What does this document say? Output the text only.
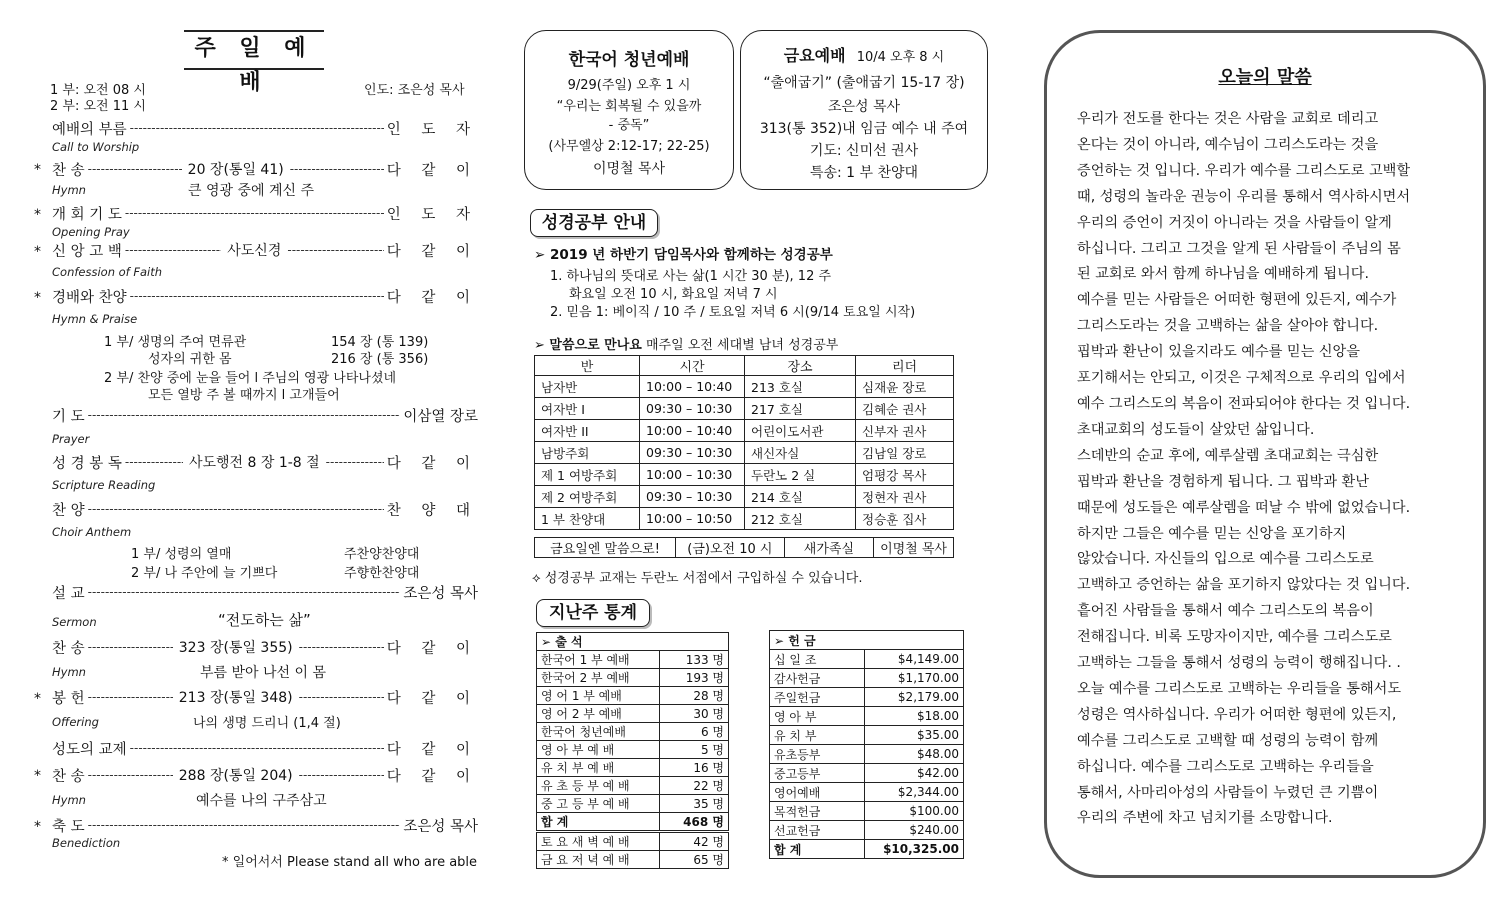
주 일 예 배
1 부: 오전 08 시
2 부: 오전 11 시
인도: 조은성 목사
예배의 부름 -----	인 도 자
Call to Worship
* 찬 송 -----	20 장(통일 41) -----	다 같 이
Hymn	큰 영광 중에 계신 주
* 개 회 기 도 -----	인 도 자
Opening Pray
* 신 앙 고 백 -----	사도신경 -----	다 같 이
Confession of Faith
* 경배와 찬양 -----	다 같 이
Hymn & Praise
1 부/ 생명의 주여 면류관	154 장 (통 139)
성자의 귀한 몸	216 장 (통 356)
2 부/ 찬양 중에 눈을 들어 l 주님의 영광 나타나셨네
모든 열방 주 볼 때까지 l 고개들어
기 도 -----	이삼열 장로
Prayer
성 경 봉 독 -----	사도행전 8 장 1-8 절 -----	다 같 이
Scripture Reading
찬 양 -----	찬 양 대
Choir Anthem
1 부/ 성령의 열매	주찬양찬양대
2 부/ 나 주안에 늘 기쁘다	주향한찬양대
설 교 -----	조은성 목사
Sermon	“전도하는 삶”
찬 송 -----	323 장(통일 355) -----	다 같 이
Hymn	부름 받아 나선 이 몸
* 봉 헌 -----	213 장(통일 348) -----	다 같 이
Offering	나의 생명 드리니 (1,4 절)
성도의 교제 -----	다 같 이
* 찬 송 -----	288 장(통일 204) -----	다 같 이
Hymn	예수를 나의 구주삼고
* 축 도 -----	조은성 목사
Benediction
* 일어서서 Please stand all who are able
한국어 청년예배
9/29(주일) 오후 1 시
“우리는 회복될 수 있을까
- 중독”
(사무엘상 2:12-17; 22-25)
이명철 목사
금요예배 10/4 오후 8 시
“출애굽기” (출애굽기 15-17 장)
조은성 목사
313(통 352)내 임금 예수 내 주여
기도: 신미선 권사
특송: 1 부 찬양대
성경공부 안내
➢ 2019 년 하반기 담임목사와 함께하는 성경공부
1. 하나님의 뜻대로 사는 삶(1 시간 30 분), 12 주
화요일 오전 10 시, 화요일 저녁 7 시
2. 믿음 1: 베이직 / 10 주 / 토요일 저녁 6 시(9/14 토요일 시작)
➢ 말씀으로 만나요 매주일 오전 세대별 남녀 성경공부
반	시간	장소	리더
남자반	10:00 – 10:40	213 호실	심재윤 장로
여자반 I	09:30 – 10:30	217 호실	김혜순 권사
여자반 II	10:00 – 10:40	어린이도서관	신부자 권사
남방주회	09:30 – 10:30	새신자실	김남일 장로
제 1 여방주회	10:00 – 10:30	두란노 2 실	엄평강 목사
제 2 여방주회	09:30 – 10:30	214 호실	정현자 권사
1 부 찬양대	10:00 – 10:50	212 호실	정승훈 집사
금요일엔 말씀으로!	(금)오전 10 시	새가족실	이명철 목사
⟡ 성경공부 교재는 두란노 서점에서 구입하실 수 있습니다.
지난주 통계
➢ 출 석	
한국어 1 부 예배	133 명
한국어 2 부 예배	193 명
영 어 1 부 예배	28 명
영 어 2 부 예배	30 명
한국어 청년예배	6 명
영 아 부 예 배	5 명
유 치 부 예 배	16 명
유 초 등 부 예 배	22 명
중 고 등 부 예 배	35 명
합 계	468 명
토 요 새 벽 예 배	42 명
금 요 저 녁 예 배	65 명
➢ 헌 금	
십 일 조	$4,149.00
감사헌금	$1,170.00
주일헌금	$2,179.00
영 아 부	$18.00
유 치 부	$35.00
유초등부	$48.00
중고등부	$42.00
영어예배	$2,344.00
목적헌금	$100.00
선교헌금	$240.00
합 계	$10,325.00
오늘의 말씀
우리가 전도를 한다는 것은 사람을 교회로 데리고
온다는 것이 아니라, 예수님이 그리스도라는 것을
증언하는 것 입니다. 우리가 예수를 그리스도로 고백할
때, 성령의 놀라운 권능이 우리를 통해서 역사하시면서
우리의 증언이 거짓이 아니라는 것을 사람들이 알게
하십니다. 그리고 그것을 알게 된 사람들이 주님의 몸
된 교회로 와서 함께 하나님을 예배하게 됩니다.
예수를 믿는 사람들은 어떠한 형편에 있든지, 예수가
그리스도라는 것을 고백하는 삶을 살아야 합니다.
핍박과 환난이 있을지라도 예수를 믿는 신앙을
포기해서는 안되고, 이것은 구체적으로 우리의 입에서
예수 그리스도의 복음이 전파되어야 한다는 것 입니다.
초대교회의 성도들이 살았던 삶입니다.
스데반의 순교 후에, 예루살렘 초대교회는 극심한
핍박과 환난을 경험하게 됩니다. 그 핍박과 환난
때문에 성도들은 예루살렘을 떠날 수 밖에 없었습니다.
하지만 그들은 예수를 믿는 신앙을 포기하지
않았습니다. 자신들의 입으로 예수를 그리스도로
고백하고 증언하는 삶을 포기하지 않았다는 것 입니다.
흩어진 사람들을 통해서 예수 그리스도의 복음이
전해집니다. 비록 도망자이지만, 예수를 그리스도로
고백하는 그들을 통해서 성령의 능력이 행해집니다. .
오늘 예수를 그리스도로 고백하는 우리들을 통해서도
성령은 역사하십니다. 우리가 어떠한 형편에 있든지,
예수를 그리스도로 고백할 때 성령의 능력이 함께
하십니다. 예수를 그리스도로 고백하는 우리들을
통해서, 사마리아성의 사람들이 누렸던 큰 기쁨이
우리의 주변에 차고 넘치기를 소망합니다.
